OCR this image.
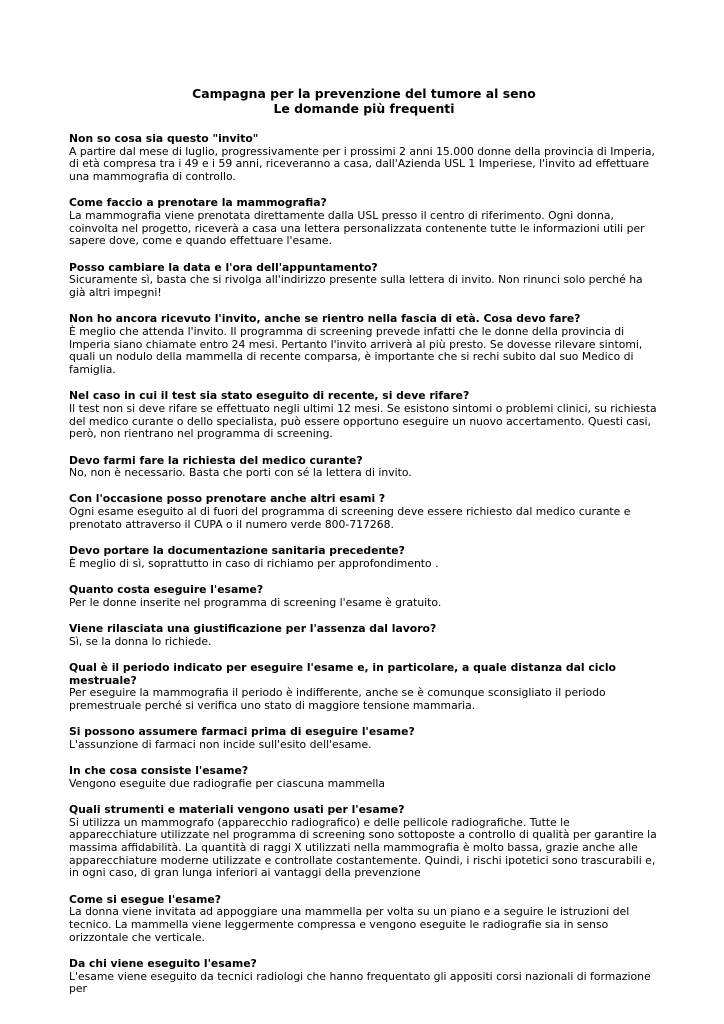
Campagna per la prevenzione del tumore al seno
Le domande più frequenti
Non so cosa sia questo "invito"
A partire dal mese di luglio, progressivamente per i prossimi 2 anni 15.000 donne della provincia di Imperia, di età compresa tra i 49 e i 59 anni, riceveranno a casa, dall'Azienda USL 1 Imperiese, l'invito ad effettuare una mammografia di controllo.
Come faccio a prenotare la mammografia?
La mammografia viene prenotata direttamente dalla USL presso il centro di riferimento. Ogni donna, coinvolta nel progetto, riceverà a casa una lettera personalizzata contenente tutte le informazioni utili per sapere dove, come e quando effettuare l'esame.
Posso cambiare la data e l'ora dell'appuntamento?
Sicuramente sì, basta che si rivolga all'indirizzo presente sulla lettera di invito. Non rinunci solo perché ha già altri impegni!
Non ho ancora ricevuto l'invito, anche se rientro nella fascia di età. Cosa devo fare?
È meglio che attenda l'invito. Il programma di screening prevede infatti che le donne della provincia di Imperia siano chiamate entro 24 mesi. Pertanto l'invito arriverà al più presto. Se dovesse rilevare sintomi, quali un nodulo della mammella di recente comparsa, è importante che si rechi subito dal suo Medico di famiglia.
Nel caso in cui il test sia stato eseguito di recente, si deve rifare?
Il test non si deve rifare se effettuato negli ultimi 12 mesi. Se esistono sintomi o problemi clinici, su richiesta del medico curante o dello specialista, può essere opportuno eseguire un nuovo accertamento. Questi casi, però, non rientrano nel programma di screening.
Devo farmi fare la richiesta del medico curante?
No, non è necessario. Basta che porti con sé la lettera di invito.
Con l'occasione posso prenotare anche altri esami ?
Ogni esame eseguito al di fuori del programma di screening deve essere richiesto dal medico curante e prenotato attraverso il CUPA o il numero verde 800-717268.
Devo portare la documentazione sanitaria precedente?
È meglio di sì, soprattutto in caso di richiamo per approfondimento .
Quanto costa eseguire l'esame?
Per le donne inserite nel programma di screening l'esame è gratuito.
Viene rilasciata una giustificazione per l'assenza dal lavoro?
Sì, se la donna lo richiede.
Qual è il periodo indicato per eseguire l'esame e, in particolare, a quale distanza dal ciclo mestruale?
Per eseguire la mammografia il periodo è indifferente, anche se è comunque sconsigliato il periodo premestruale perché si verifica uno stato di maggiore tensione mammaria.
Si possono assumere farmaci prima di eseguire l'esame?
L'assunzione di farmaci non incide sull'esito dell'esame.
In che cosa consiste l'esame?
Vengono eseguite due radiografie per ciascuna mammella
Quali strumenti e materiali vengono usati per l'esame?
Si utilizza un mammografo (apparecchio radiografico) e delle pellicole radiografiche. Tutte le apparecchiature utilizzate nel programma di screening sono sottoposte a controllo di qualità per garantire la massima affidabilità. La quantità di raggi X utilizzati nella mammografia è molto bassa, grazie anche alle apparecchiature moderne utilizzate e controllate costantemente. Quindi, i rischi ipotetici sono trascurabili e, in ogni caso, di gran lunga inferiori ai vantaggi della prevenzione
Come si esegue l'esame?
La donna viene invitata ad appoggiare una mammella per volta su un piano e a seguire le istruzioni del tecnico. La mammella viene leggermente compressa e vengono eseguite le radiografie sia in senso orizzontale che verticale.
Da chi viene eseguito l'esame?
L'esame viene eseguito da tecnici radiologi che hanno frequentato gli appositi corsi nazionali di formazione per
